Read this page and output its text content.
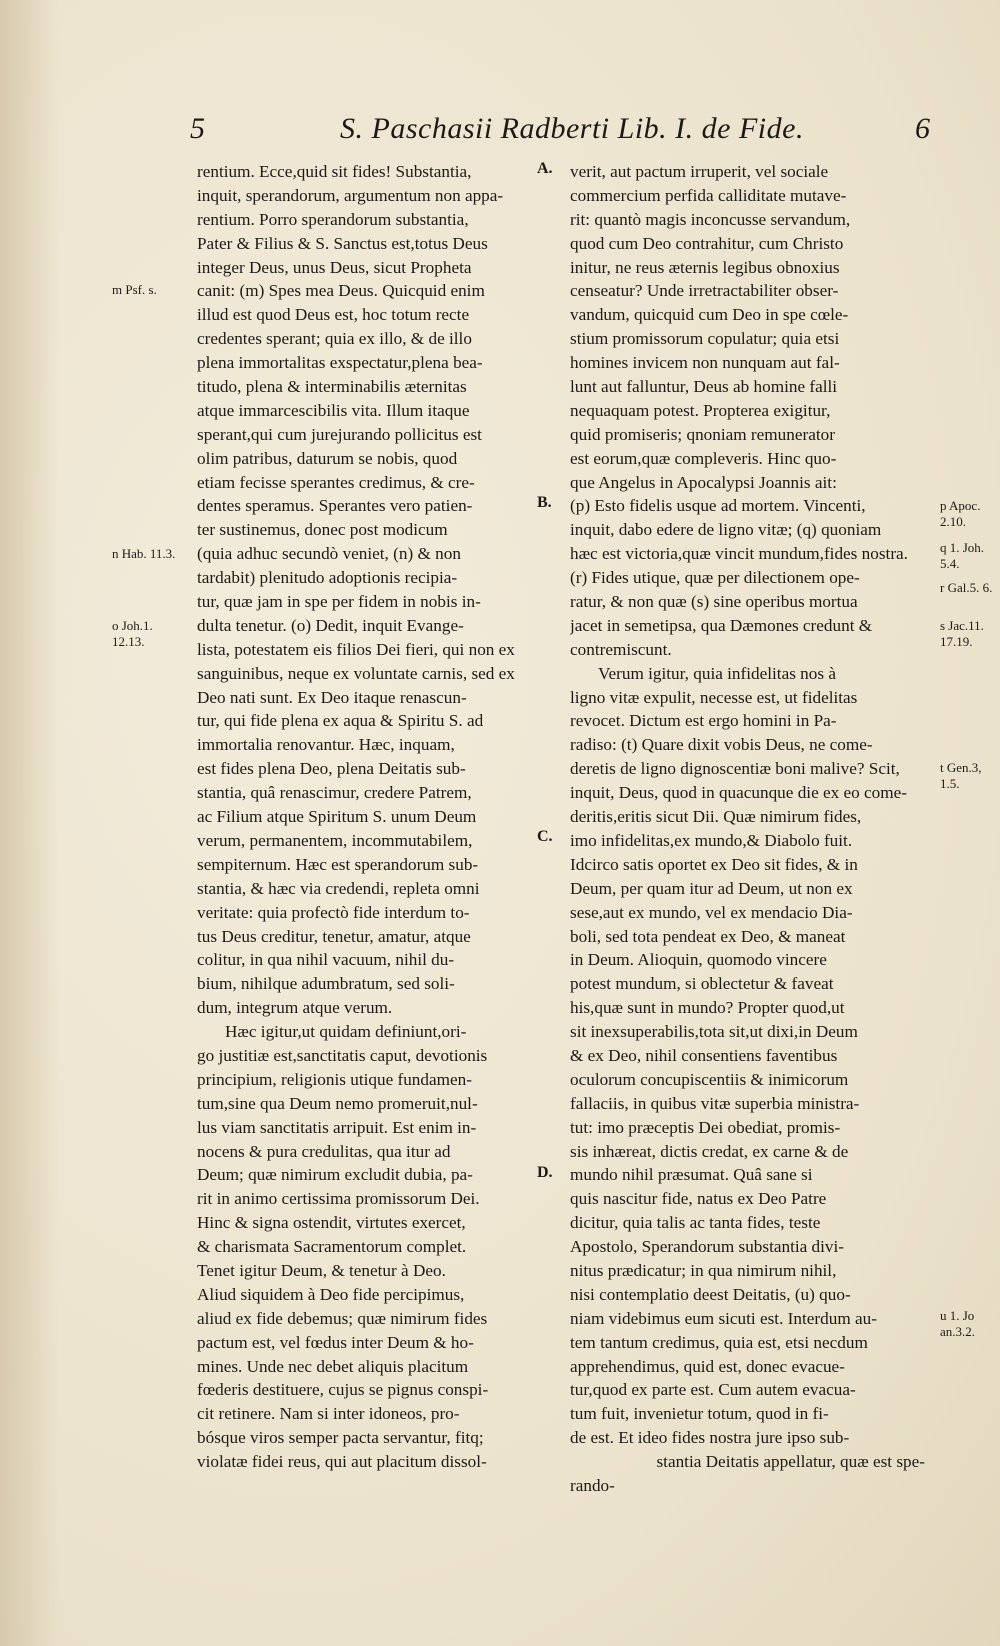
5	S. Paschasii Radberti Lib. I. de Fide.	6
rentium. Ecce,quid sit fides! Substantia,
inquit, sperandorum, argumentum non appa-
rentium. Porro sperandorum substantia,
Pater & Filius & S. Sanctus est,totus Deus
integer Deus, unus Deus, sicut Propheta
canit: (m) Spes mea Deus. Quicquid enim
illud est quod Deus est, hoc totum recte
credentes sperant; quia ex illo, & de illo
plena immortalitas exspectatur,plena bea-
titudo, plena & interminabilis æternitas
atque immarcescibilis vita. Illum itaque
sperant,qui cum jurejurando pollicitus est
olim patribus, daturum se nobis, quod
etiam fecisse sperantes credimus, & cre-
dentes speramus. Sperantes vero patien-
ter sustinemus, donec post modicum
(quia adhuc secundò veniet, (n) & non
tardabit) plenitudo adoptionis recipia-
tur, quæ jam in spe per fidem in nobis in-
dulta tenetur. (o) Dedit, inquit Evange-
lista, potestatem eis filios Dei fieri, qui non ex
sanguinibus, neque ex voluntate carnis, sed ex
Deo nati sunt. Ex Deo itaque renascun-
tur, qui fide plena ex aqua & Spiritu S. ad
immortalia renovantur. Hæc, inquam,
est fides plena Deo, plena Deitatis sub-
stantia, quâ renascimur, credere Patrem,
ac Filium atque Spiritum S. unum Deum
verum, permanentem, incommutabilem,
sempiternum. Hæc est sperandorum sub-
stantia, & hæc via credendi, repleta omni
veritate: quia profectò fide interdum to-
tus Deus creditur, tenetur, amatur, atque
colitur, in qua nihil vacuum, nihil du-
bium, nihilque adumbratum, sed soli-
dum, integrum atque verum.
Hæc igitur,ut quidam definiunt,ori-
go justitiæ est,sanctitatis caput, devotionis
principium, religionis utique fundamen-
tum,sine qua Deum nemo promeruit,nul-
lus viam sanctitatis arripuit. Est enim in-
nocens & pura credulitas, qua itur ad
Deum; quæ nimirum excludit dubia, pa-
rit in animo certissima promissorum Dei.
Hinc & signa ostendit, virtutes exercet,
& charismata Sacramentorum complet.
Tenet igitur Deum, & tenetur à Deo.
Aliud siquidem à Deo fide percipimus,
aliud ex fide debemus; quæ nimirum fides
pactum est, vel fœdus inter Deum & ho-
mines. Unde nec debet aliquis placitum
fœderis destituere, cujus se pignus conspi-
cit retinere. Nam si inter idoneos, pro-
bósque viros semper pacta servantur, fitq;
violatæ fidei reus, qui aut placitum dissol-
verit, aut pactum irruperit, vel sociale
commercium perfida calliditate mutave-
rit: quantò magis inconcusse servandum,
quod cum Deo contrahitur, cum Christo
initur, ne reus æternis legibus obnoxius
censeatur? Unde irretractabiliter obser-
vandum, quicquid cum Deo in spe cœle-
stium promissorum copulatur; quia etsi
homines invicem non nunquam aut fal-
lunt aut falluntur, Deus ab homine falli
nequaquam potest. Propterea exigitur,
quid promiseris; qnoniam remunerator
est eorum,quæ compleveris. Hinc quo-
que Angelus in Apocalypsi Joannis ait:
(p) Esto fidelis usque ad mortem. Vincenti,
inquit, dabo edere de ligno vitæ; (q) quoniam
hæc est victoria,quæ vincit mundum,fides nostra.
(r) Fides utique, quæ per dilectionem ope-
ratur, & non quæ (s) sine operibus mortua
jacet in semetipsa, qua Dæmones credunt &
contremiscunt.
Verum igitur, quia infidelitas nos à
ligno vitæ expulit, necesse est, ut fidelitas
revocet. Dictum est ergo homini in Pa-
radiso: (t) Quare dixit vobis Deus, ne come-
deretis de ligno dignoscentiæ boni malive? Scit,
inquit, Deus, quod in quacunque die ex eo come-
deritis,eritis sicut Dii. Quæ nimirum fides,
imo infidelitas,ex mundo,& Diabolo fuit.
Idcirco satis oportet ex Deo sit fides, & in
Deum, per quam itur ad Deum, ut non ex
sese,aut ex mundo, vel ex mendacio Dia-
boli, sed tota pendeat ex Deo, & maneat
in Deum. Alioquin, quomodo vincere
potest mundum, si oblectetur & faveat
his,quæ sunt in mundo? Propter quod,ut
sit inexsuperabilis,tota sit,ut dixi,in Deum
& ex Deo, nihil consentiens faventibus
oculorum concupiscentiis & inimicorum
fallaciis, in quibus vitæ superbia ministra-
tut: imo præceptis Dei obediat, promis-
sis inhæreat, dictis credat, ex carne & de
mundo nihil præsumat. Quâ sane si
quis nascitur fide, natus ex Deo Patre
dicitur, quia talis ac tanta fides, teste
Apostolo, Sperandorum substantia divi-
nitus prædicatur; in qua nimirum nihil,
nisi contemplatio deest Deitatis, (u) quo-
niam videbimus eum sicuti est. Interdum au-
tem tantum credimus, quia est, etsi necdum
apprehendimus, quid est, donec evacue-
tur,quod ex parte est. Cum autem evacua-
tum fuit, invenietur totum, quod in fi-
de est. Et ideo fides nostra jure ipso sub-
stantia Deitatis appellatur, quæ est spe-
rando-
A.
B.
C.
D.
m Psf. s.
n Hab. 11.3.
o Joh.1. 12.13.
p Apoc. 2.10.
q 1. Joh. 5.4.
r Gal.5. 6.
s Jac.11. 17.19.
t Gen.3, 1.5.
u 1. Jo an.3.2.
